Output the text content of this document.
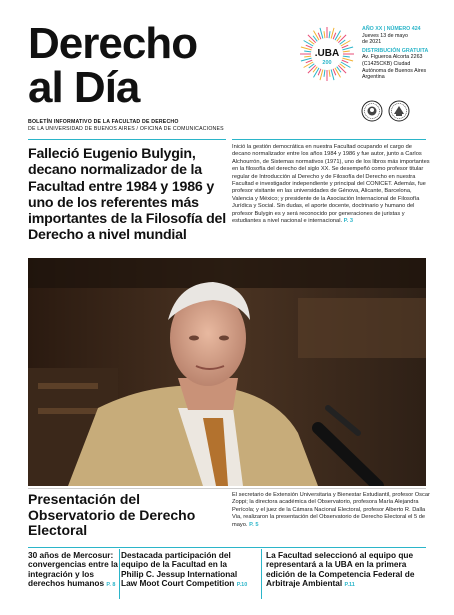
Derecho
al Día
BOLETÍN INFORMATIVO DE LA FACULTAD DE DERECHO
DE LA UNIVERSIDAD DE BUENOS AIRES / OFICINA DE COMUNICACIONES
.UBA
200
AÑO XX | NÚMERO 424
Jueves 13 de mayo
de 2021
DISTRIBUCIÓN GRATUITA
Av. Figueroa Alcorta 2263
(C1425CKB) Ciudad
Autónoma de Buenos Aires
Argentina
Falleció Eugenio Bulygin, decano normalizador de la Facultad entre 1984 y 1986 y uno de los referentes más importantes de la Filosofía del Derecho a nivel mundial
Inició la gestión democrática en nuestra Facultad ocupando el cargo de decano normalizador entre los años 1984 y 1986 y fue autor, junto a Carlos Alchourrón, de Sistemas normativos (1971), uno de los libros más importantes en la filosofía del derecho del siglo XX. Se desempeñó como profesor titular regular de Introducción al Derecho y de Filosofía del Derecho en nuestra Facultad e investigador independiente y principal del CONICET. Además, fue profesor visitante en las universidades de Génova, Alicante, Barcelona, Valencia y México; y presidente de la Asociación Internacional de Filosofía Jurídica y Social. Sin dudas, el aporte docente, doctrinario y humano del profesor Bulygin es y será reconocido por generaciones de juristas y estudiantes a nivel nacional e internacional. P. 3
Presentación del Observatorio de Derecho Electoral
El secretario de Extensión Universitaria y Bienestar Estudiantil, profesor Oscar Zoppi; la directora académica del Observatorio, profesora María Alejandra Perícola; y el juez de la Cámara Nacional Electoral, profesor Alberto R. Dalla Via, realizaron la presentación del Observatorio de Derecho Electoral el 5 de mayo. P. 5
30 años de Mercosur: convergencias entre la integración y los derechos humanos P. 8
Destacada participación del equipo de la Facultad en la Philip C. Jessup International Law Moot Court Competition P.10
La Facultad seleccionó al equipo que representará a la UBA en la primera edición de la Competencia Federal de Arbitraje Ambiental P.11
